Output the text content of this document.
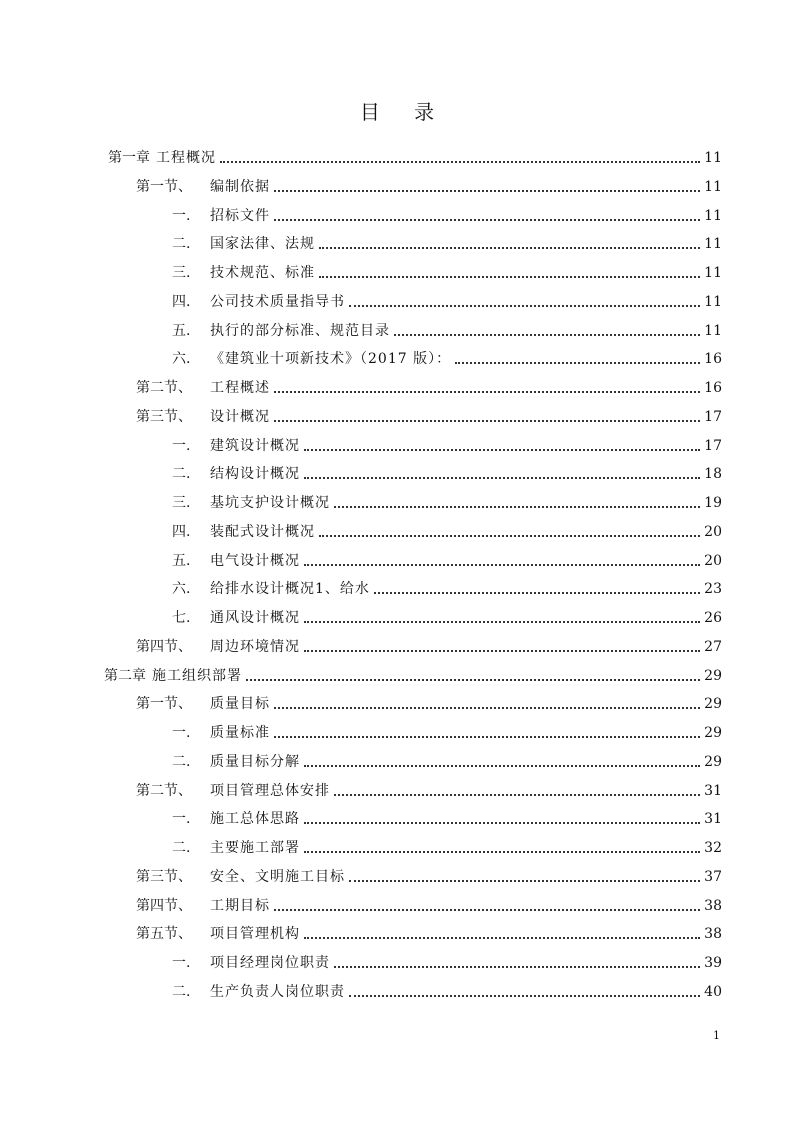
目 录
第一章 工程概况	11
第一节、	编制依据	11
一.	招标文件	11
二.	国家法律、法规	11
三.	技术规范、标准	11
四.	公司技术质量指导书	11
五.	执行的部分标准、规范目录	11
六.	《建筑业十项新技术》（2017 版）：	16
第二节、	工程概述	16
第三节、	设计概况	17
一.	建筑设计概况	17
二.	结构设计概况	18
三.	基坑支护设计概况	19
四.	装配式设计概况	20
五.	电气设计概况	20
六.	给排水设计概况1、给水	23
七.	通风设计概况	26
第四节、	周边环境情况	27
第二章 施工组织部署	29
第一节、	质量目标	29
一.	质量标准	29
二.	质量目标分解	29
第二节、	项目管理总体安排	31
一.	施工总体思路	31
二.	主要施工部署	32
第三节、	安全、文明施工目标	37
第四节、	工期目标	38
第五节、	项目管理机构	38
一.	项目经理岗位职责	39
二.	生产负责人岗位职责	40
1
